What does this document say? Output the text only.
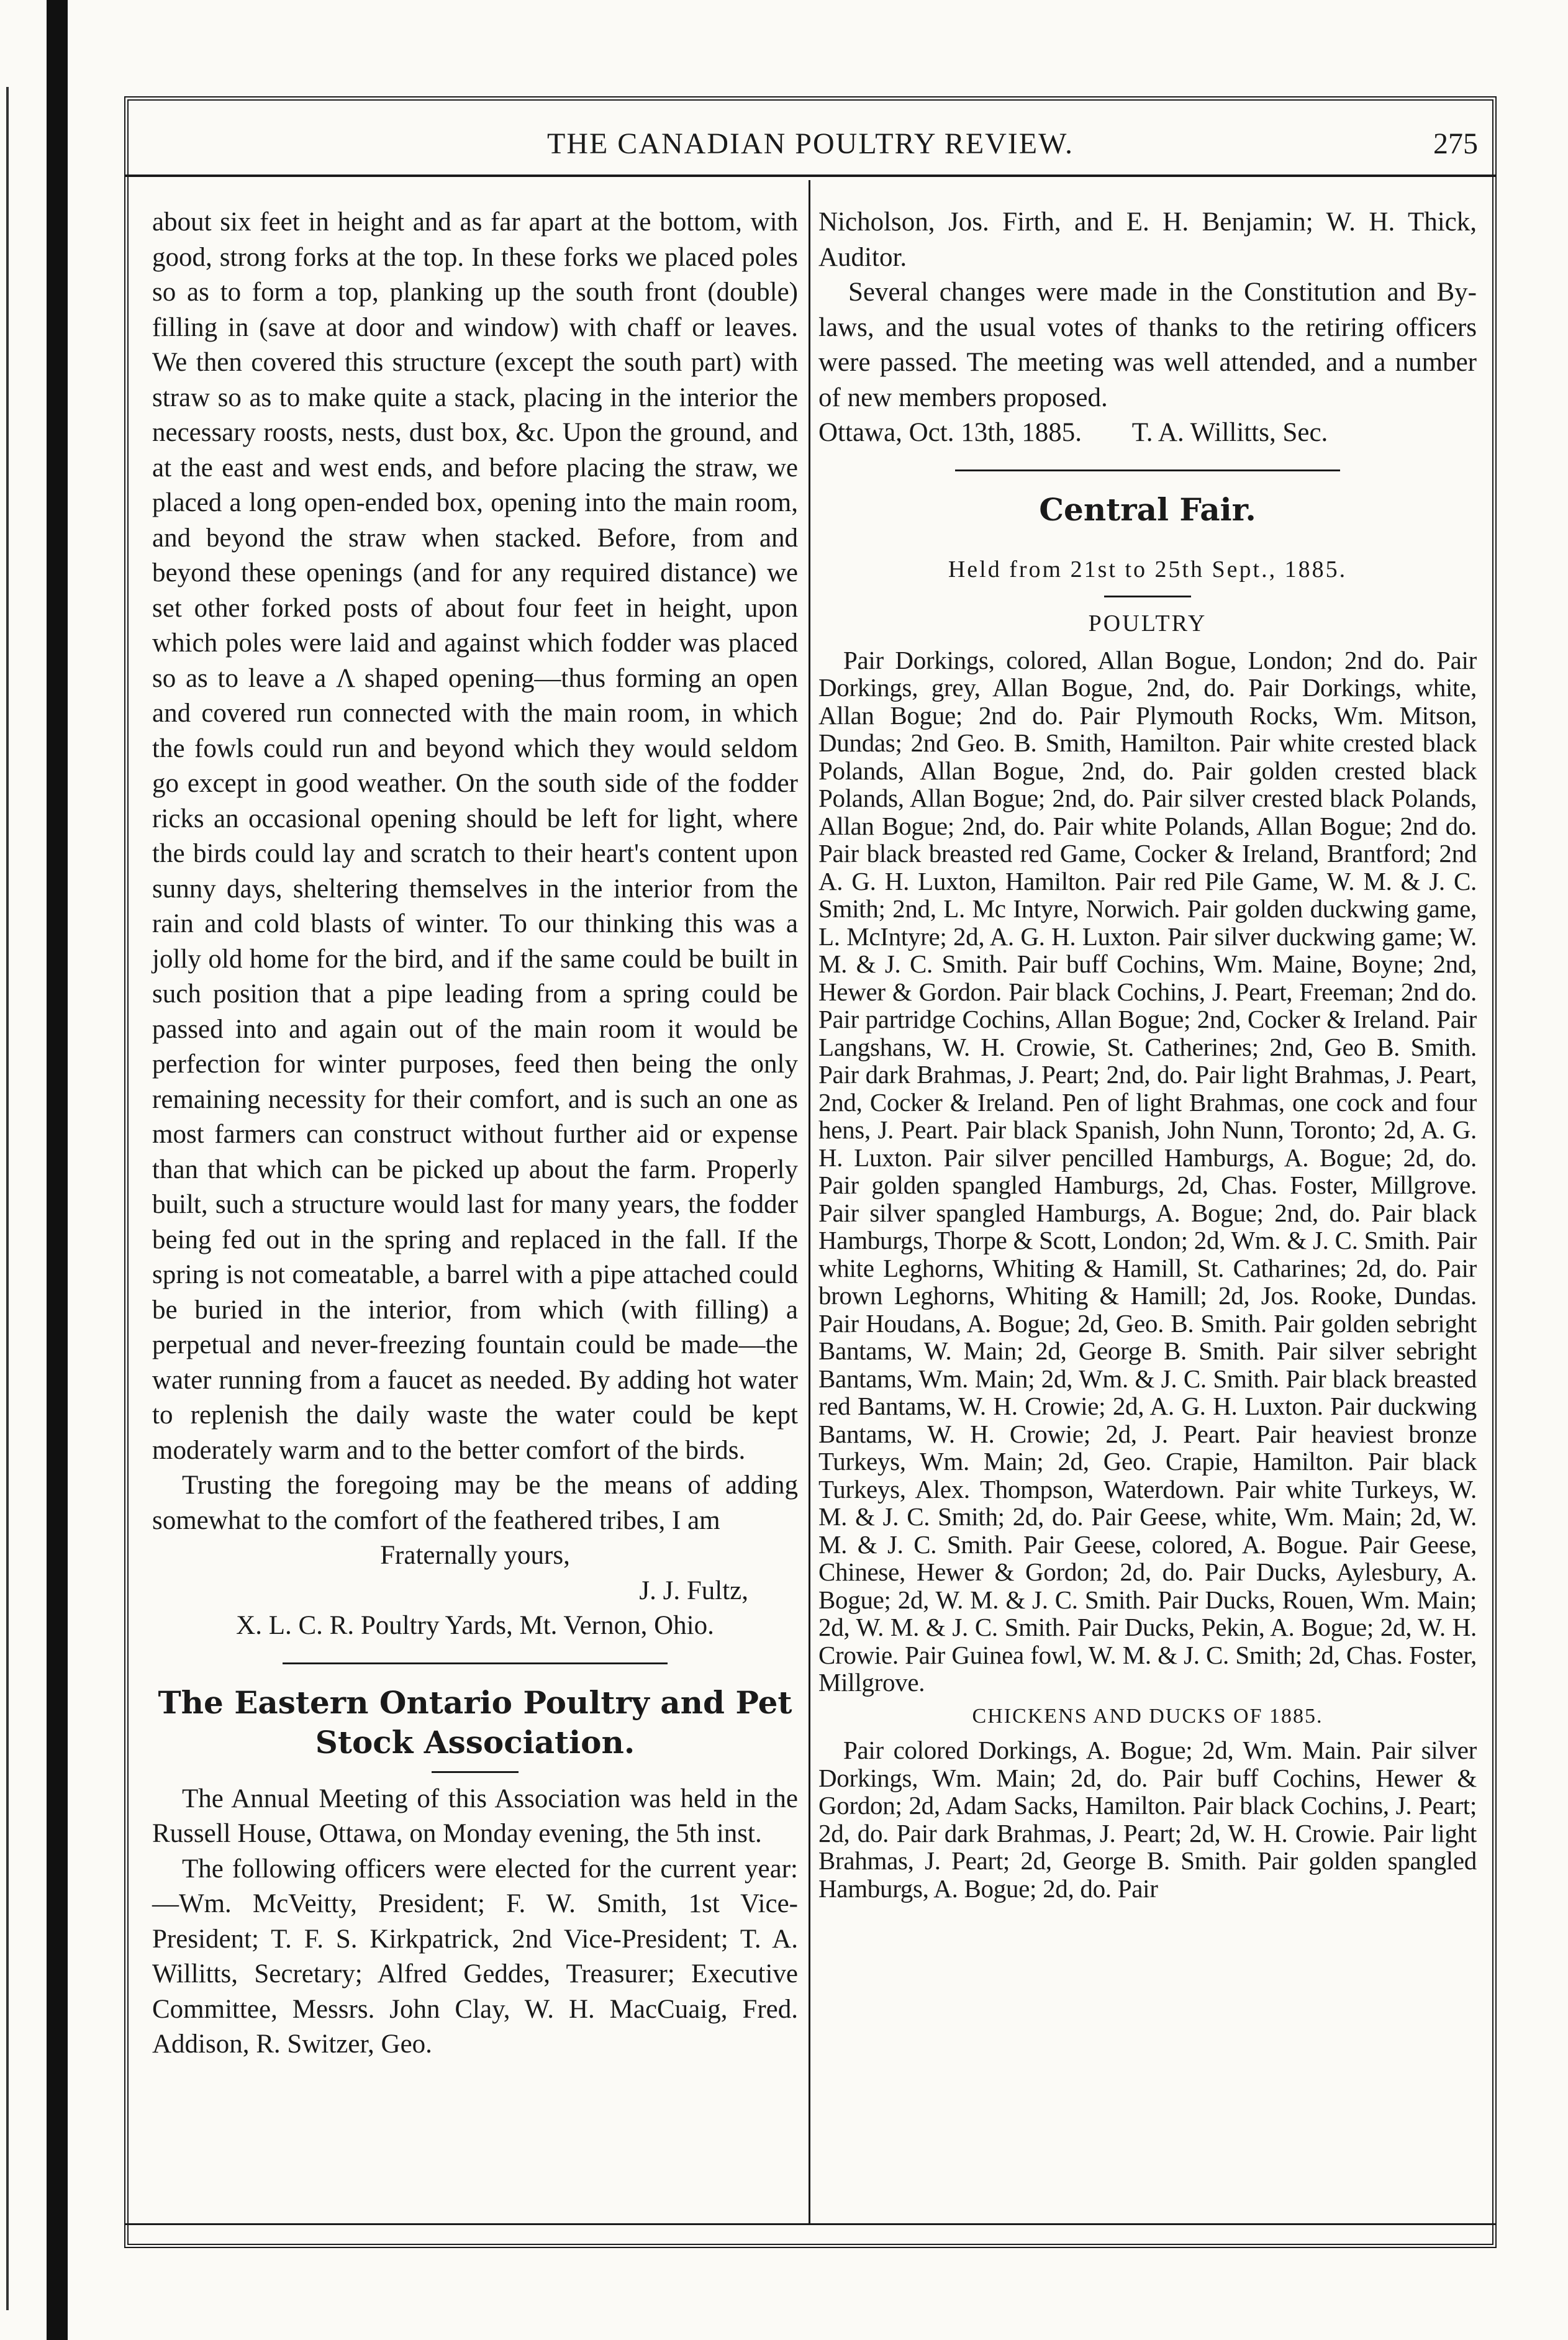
THE CANADIAN POULTRY REVIEW.	275

about six feet in height and as far apart at the bottom, with good, strong forks at the top. In these forks we placed poles so as to form a top, planking up the south front (double) filling in (save at door and window) with chaff or leaves. We then covered this structure (except the south part) with straw so as to make quite a stack, placing in the interior the necessary roosts, nests, dust box, &c. Upon the ground, and at the east and west ends, and before placing the straw, we placed a long open-ended box, opening into the main room, and beyond the straw when stacked. Before, from and beyond these openings (and for any required distance) we set other forked posts of about four feet in height, upon which poles were laid and against which fodder was placed so as to leave a Λ shaped opening—thus forming an open and covered run connected with the main room, in which the fowls could run and beyond which they would seldom go except in good weather. On the south side of the fodder ricks an occasional opening should be left for light, where the birds could lay and scratch to their heart's content upon sunny days, sheltering themselves in the interior from the rain and cold blasts of winter. To our thinking this was a jolly old home for the bird, and if the same could be built in such position that a pipe leading from a spring could be passed into and again out of the main room it would be perfection for winter purposes, feed then being the only remaining necessity for their comfort, and is such an one as most farmers can construct without further aid or expense than that which can be picked up about the farm. Properly built, such a structure would last for many years, the fodder being fed out in the spring and replaced in the fall. If the spring is not comeatable, a barrel with a pipe attached could be buried in the interior, from which (with filling) a perpetual and never-freezing fountain could be made—the water running from a faucet as needed. By adding hot water to replenish the daily waste the water could be kept moderately warm and to the better comfort of the birds.

Trusting the foregoing may be the means of adding somewhat to the comfort of the feathered tribes, I am

Fraternally yours,
J. J. Fultz,
X. L. C. R. Poultry Yards, Mt. Vernon, Ohio.
The Eastern Ontario Poultry and Pet Stock Association.

The Annual Meeting of this Association was held in the Russell House, Ottawa, on Monday evening, the 5th inst.

The following officers were elected for the current year:—Wm. McVeitty, President; F. W. Smith, 1st Vice-President; T. F. S. Kirkpatrick, 2nd Vice-President; T. A. Willitts, Secretary; Alfred Geddes, Treasurer; Executive Committee, Messrs. John Clay, W. H. MacCuaig, Fred. Addison, R. Switzer, Geo.

Nicholson, Jos. Firth, and E. H. Benjamin; W. H. Thick, Auditor.

Several changes were made in the Constitution and By-laws, and the usual votes of thanks to the retiring officers were passed. The meeting was well attended, and a number of new members proposed.

Ottawa, Oct. 13th, 1885. T. A. Willitts, Sec.

Central Fair.
Held from 21st to 25th Sept., 1885.
POULTRY

Pair Dorkings, colored, Allan Bogue, London; 2nd do. Pair Dorkings, grey, Allan Bogue, 2nd, do. Pair Dorkings, white, Allan Bogue; 2nd do. Pair Plymouth Rocks, Wm. Mitson, Dundas; 2nd Geo. B. Smith, Hamilton. Pair white crested black Polands, Allan Bogue, 2nd, do. Pair golden crested black Polands, Allan Bogue; 2nd, do. Pair silver crested black Polands, Allan Bogue; 2nd, do. Pair white Polands, Allan Bogue; 2nd do. Pair black breasted red Game, Cocker & Ireland, Brantford; 2nd A. G. H. Luxton, Hamilton. Pair red Pile Game, W. M. & J. C. Smith; 2nd, L. Mc Intyre, Norwich. Pair golden duckwing game, L. McIntyre; 2d, A. G. H. Luxton. Pair silver duckwing game; W. M. & J. C. Smith. Pair buff Cochins, Wm. Maine, Boyne; 2nd, Hewer & Gordon. Pair black Cochins, J. Peart, Freeman; 2nd do. Pair partridge Cochins, Allan Bogue; 2nd, Cocker & Ireland. Pair Langshans, W. H. Crowie, St. Catherines; 2nd, Geo B. Smith. Pair dark Brahmas, J. Peart; 2nd, do. Pair light Brahmas, J. Peart, 2nd, Cocker & Ireland. Pen of light Brahmas, one cock and four hens, J. Peart. Pair black Spanish, John Nunn, Toronto; 2d, A. G. H. Luxton. Pair silver pencilled Hamburgs, A. Bogue; 2d, do. Pair golden spangled Hamburgs, 2d, Chas. Foster, Millgrove. Pair silver spangled Hamburgs, A. Bogue; 2nd, do. Pair black Hamburgs, Thorpe & Scott, London; 2d, Wm. & J. C. Smith. Pair white Leghorns, Whiting & Hamill, St. Catharines; 2d, do. Pair brown Leghorns, Whiting & Hamill; 2d, Jos. Rooke, Dundas. Pair Houdans, A. Bogue; 2d, Geo. B. Smith. Pair golden sebright Bantams, W. Main; 2d, George B. Smith. Pair silver sebright Bantams, Wm. Main; 2d, Wm. & J. C. Smith. Pair black breasted red Bantams, W. H. Crowie; 2d, A. G. H. Luxton. Pair duckwing Bantams, W. H. Crowie; 2d, J. Peart. Pair heaviest bronze Turkeys, Wm. Main; 2d, Geo. Crapie, Hamilton. Pair black Turkeys, Alex. Thompson, Waterdown. Pair white Turkeys, W. M. & J. C. Smith; 2d, do. Pair Geese, white, Wm. Main; 2d, W. M. & J. C. Smith. Pair Geese, colored, A. Bogue. Pair Geese, Chinese, Hewer & Gordon; 2d, do. Pair Ducks, Aylesbury, A. Bogue; 2d, W. M. & J. C. Smith. Pair Ducks, Rouen, Wm. Main; 2d, W. M. & J. C. Smith. Pair Ducks, Pekin, A. Bogue; 2d, W. H. Crowie. Pair Guinea fowl, W. M. & J. C. Smith; 2d, Chas. Foster, Millgrove.

CHICKENS AND DUCKS OF 1885.

Pair colored Dorkings, A. Bogue; 2d, Wm. Main. Pair silver Dorkings, Wm. Main; 2d, do. Pair buff Cochins, Hewer & Gordon; 2d, Adam Sacks, Hamilton. Pair black Cochins, J. Peart; 2d, do. Pair dark Brahmas, J. Peart; 2d, W. H. Crowie. Pair light Brahmas, J. Peart; 2d, George B. Smith. Pair golden spangled Hamburgs, A. Bogue; 2d, do. Pair
